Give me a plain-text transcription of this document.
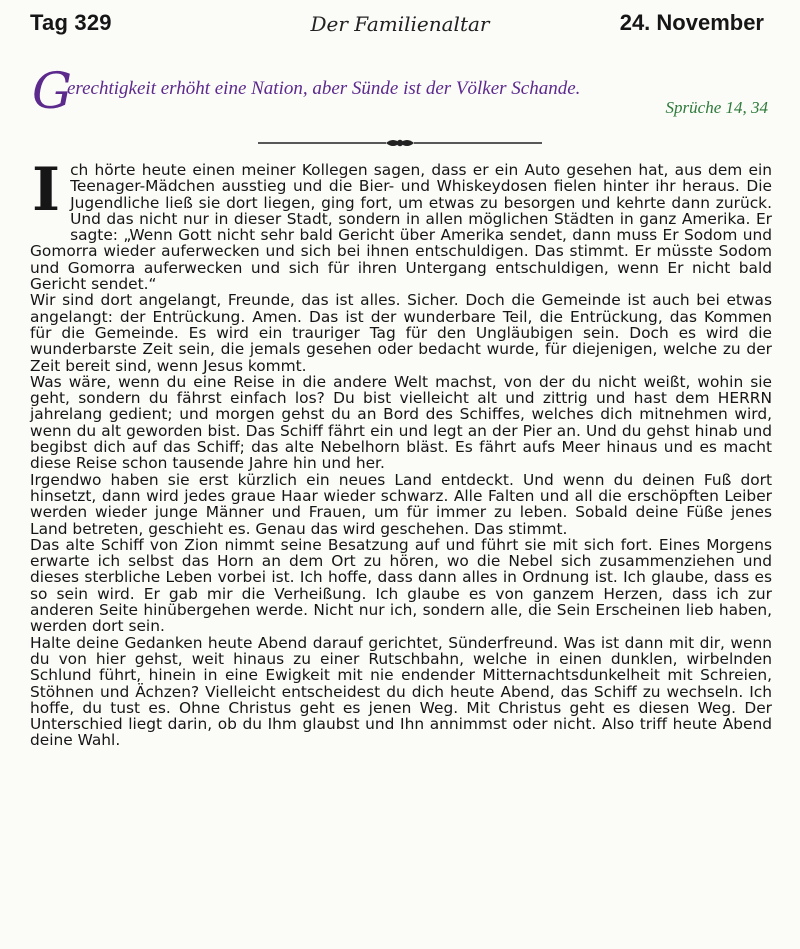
Tag 329	Der Familienaltar	24. November
G
erechtigkeit erhöht eine Nation, aber Sünde ist der Völker Schande.
Sprüche 14, 34

Ich hörte heute einen meiner Kollegen sagen, dass er ein Auto gesehen hat, aus dem ein Teenager-Mädchen ausstieg und die Bier- und Whiskeydosen fielen hinter ihr heraus. Die Jugendliche ließ sie dort liegen, ging fort, um etwas zu besorgen und kehrte dann zurück. Und das nicht nur in dieser Stadt, sondern in allen möglichen Städten in ganz Amerika. Er sagte: „Wenn Gott nicht sehr bald Gericht über Amerika sendet, dann muss Er Sodom und Gomorra wieder auferwecken und sich bei ihnen entschuldigen. Das stimmt. Er müsste Sodom und Gomorra auferwecken und sich für ihren Untergang entschuldigen, wenn Er nicht bald Gericht sendet.“

Wir sind dort angelangt, Freunde, das ist alles. Sicher. Doch die Gemeinde ist auch bei etwas angelangt: der Entrückung. Amen. Das ist der wunderbare Teil, die Entrückung, das Kommen für die Gemeinde. Es wird ein trauriger Tag für den Ungläubigen sein. Doch es wird die wunderbarste Zeit sein, die jemals gesehen oder bedacht wurde, für diejenigen, welche zu der Zeit bereit sind, wenn Jesus kommt.

Was wäre, wenn du eine Reise in die andere Welt machst, von der du nicht weißt, wohin sie geht, sondern du fährst einfach los? Du bist vielleicht alt und zittrig und hast dem HERRN jahrelang gedient; und morgen gehst du an Bord des Schiffes, welches dich mitnehmen wird, wenn du alt geworden bist. Das Schiff fährt ein und legt an der Pier an. Und du gehst hinab und begibst dich auf das Schiff; das alte Nebelhorn bläst. Es fährt aufs Meer hinaus und es macht diese Reise schon tausende Jahre hin und her.

Irgendwo haben sie erst kürzlich ein neues Land entdeckt. Und wenn du deinen Fuß dort hinsetzt, dann wird jedes graue Haar wieder schwarz. Alle Falten und all die erschöpften Leiber werden wieder junge Männer und Frauen, um für immer zu leben. Sobald deine Füße jenes Land betreten, geschieht es. Genau das wird geschehen. Das stimmt.

Das alte Schiff von Zion nimmt seine Besatzung auf und führt sie mit sich fort. Eines Morgens erwarte ich selbst das Horn an dem Ort zu hören, wo die Nebel sich zusammenziehen und dieses sterbliche Leben vorbei ist. Ich hoffe, dass dann alles in Ordnung ist. Ich glaube, dass es so sein wird. Er gab mir die Verheißung. Ich glaube es von ganzem Herzen, dass ich zur anderen Seite hinübergehen werde. Nicht nur ich, sondern alle, die Sein Erscheinen lieb haben, werden dort sein.

Halte deine Gedanken heute Abend darauf gerichtet, Sünderfreund. Was ist dann mit dir, wenn du von hier gehst, weit hinaus zu einer Rutschbahn, welche in einen dunklen, wirbelnden Schlund führt, hinein in eine Ewigkeit mit nie endender Mitternachtsdunkelheit mit Schreien, Stöhnen und Ächzen? Vielleicht entscheidest du dich heute Abend, das Schiff zu wechseln. Ich hoffe, du tust es. Ohne Christus geht es jenen Weg. Mit Christus geht es diesen Weg. Der Unterschied liegt darin, ob du Ihm glaubst und Ihn annimmst oder nicht. Also triff heute Abend deine Wahl.
